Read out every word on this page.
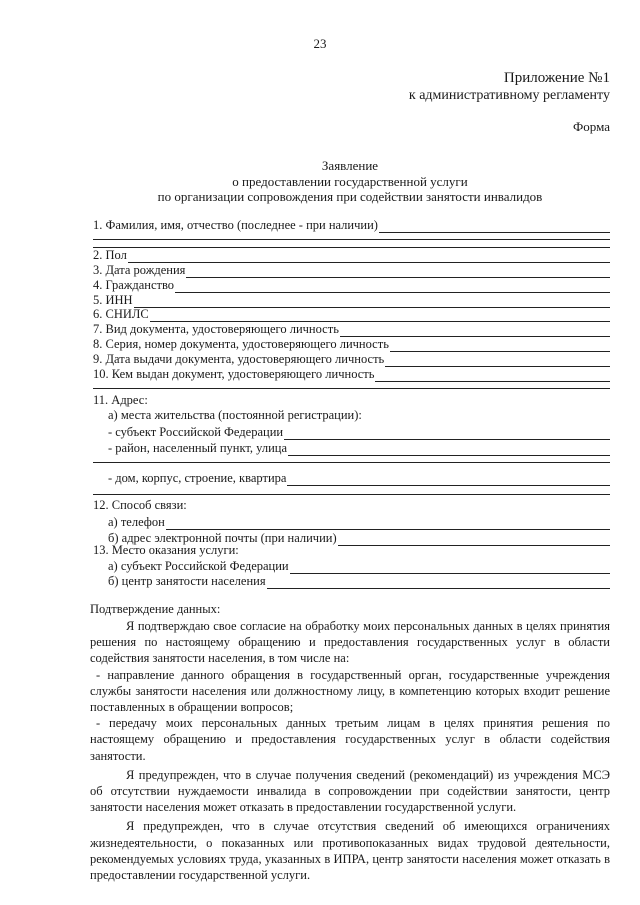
23
Приложение №1
к административному регламенту
Форма
Заявление
о предоставлении государственной услуги
по организации сопровождения при содействии занятости инвалидов
1. Фамилия, имя, отчество (последнее - при наличии)
2. Пол
3. Дата рождения
4. Гражданство
5. ИНН
6. СНИЛС
7. Вид документа, удостоверяющего личность
8. Серия, номер документа, удостоверяющего личность
9. Дата выдачи документа, удостоверяющего личность
10. Кем выдан документ, удостоверяющего личность
11. Адрес:
а) места жительства (постоянной регистрации):
- субъект Российской Федерации
- район, населенный пункт, улица
- дом, корпус, строение, квартира
12. Способ связи:
а) телефон
б) адрес электронной почты (при наличии)
13. Место оказания услуги:
а) субъект Российской Федерации
б) центр занятости населения
Подтверждение данных:

Я подтверждаю свое согласие на обработку моих персональных данных в целях принятия решения по настоящему обращению и предоставления государственных услуг в области содействия занятости населения, в том числе на:

- направление данного обращения в государственный орган, государственные учреждения службы занятости населения или должностному лицу, в компетенцию которых входит решение поставленных в обращении вопросов;

- передачу моих персональных данных третьим лицам в целях принятия решения по настоящему обращению и предоставления государственных услуг в области содействия занятости.

Я предупрежден, что в случае получения сведений (рекомендаций) из учреждения МСЭ об отсутствии нуждаемости инвалида в сопровождении при содействии занятости, центр занятости населения может отказать в предоставлении государственной услуги.

Я предупрежден, что в случае отсутствия сведений об имеющихся ограничениях жизнедеятельности, о показанных или противопоказанных видах трудовой деятельности, рекомендуемых условиях труда, указанных в ИПРА, центр занятости населения может отказать в предоставлении государственной услуги.
